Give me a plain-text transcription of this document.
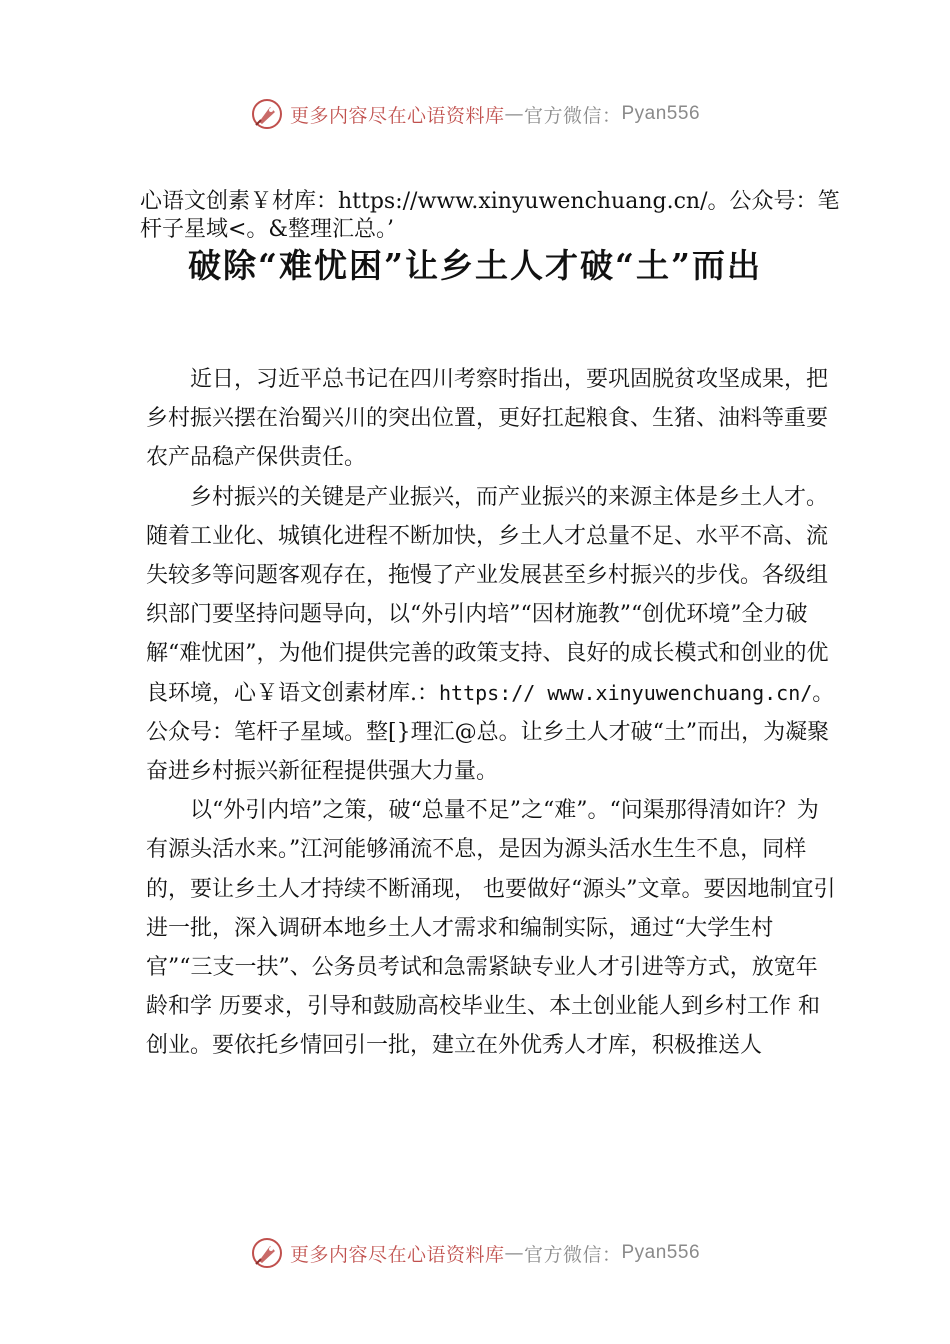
更多内容尽在心语资料库 — 官方微信： Pyan556
心语文创素￥材库：https://www.xinyuwenchuang.cn/。公众号：笔杆子星域<。&整理汇总。’
破除“难忧困”让乡土人才破“土”而出

近日，习近平总书记在四川考察时指出，要巩固脱贫攻坚成果，把乡村振兴摆在治蜀兴川的突出位置，更好扛起粮食、生猪、油料等重要农产品稳产保供责任。

乡村振兴的关键是产业振兴，而产业振兴的来源主体是乡土人才。随着工业化、城镇化进程不断加快，乡土人才总量不足、水平不高、流失较多等问题客观存在，拖慢了产业发展甚至乡村振兴的步伐。各级组织部门要坚持问题导向，以“外引内培”“因材施教”“创优环境”全力破解“难忧困”，为他们提供完善的政策支持、良好的成长模式和创业的优良环境，心￥语文创素材库.：https:// www.xinyuwenchuang.cn/。公众号：笔杆子星域。整[}理汇@总。让乡土人才破“土”而出，为凝聚奋进乡村振兴新征程提供强大力量。

以“外引内培”之策，破“总量不足”之“难”。“问渠那得清如许？为有源头活水来。”江河能够涌流不息，是因为源头活水生生不息，同样的，要让乡土人才持续不断涌现， 也要做好“源头”文章。要因地制宜引进一批，深入调研本地乡土人才需求和编制实际，通过“大学生村官”“三支一扶”、公务员考试和急需紧缺专业人才引进等方式，放宽年龄和学 历要求，引导和鼓励高校毕业生、本土创业能人到乡村工作 和创业。要依托乡情回引一批，建立在外优秀人才库，积极推送人

更多内容尽在心语资料库 — 官方微信： Pyan556
